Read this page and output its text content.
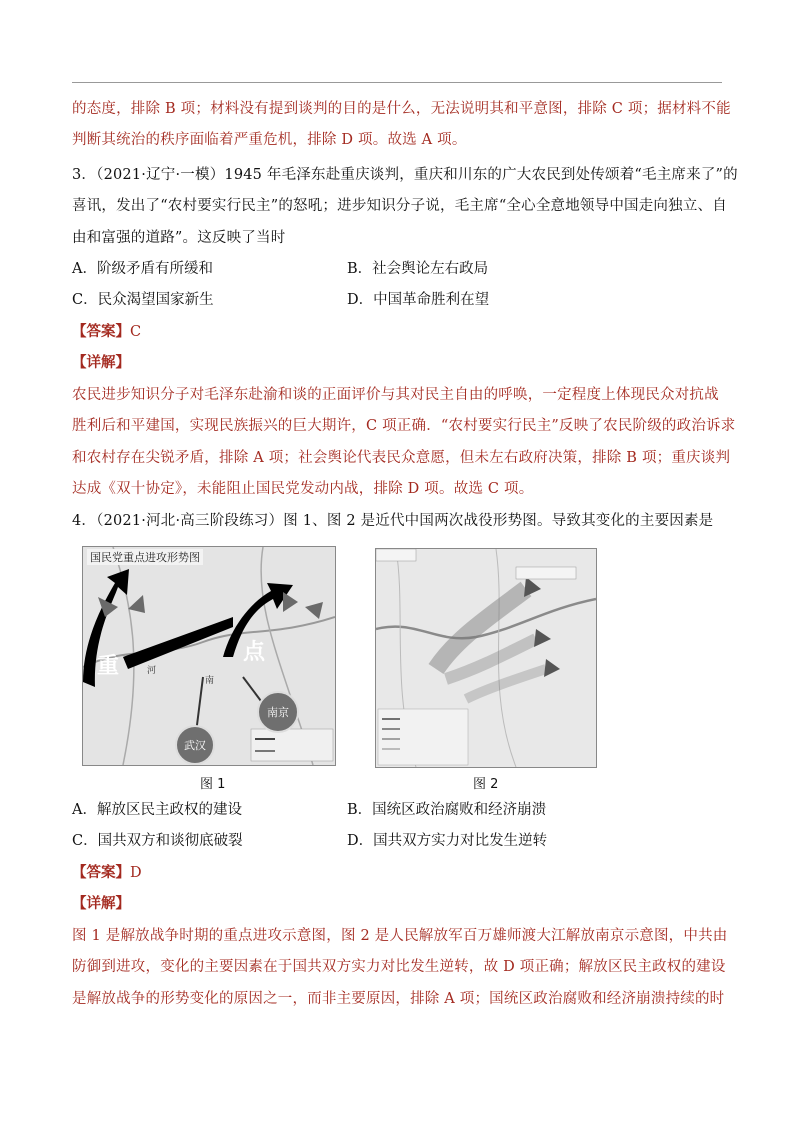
的态度，排除 B 项；材料没有提到谈判的目的是什么，无法说明其和平意图，排除 C 项；据材料不能
判断其统治的秩序面临着严重危机，排除 D 项。故选 A 项。
3．（2021·辽宁·一模）1945 年毛泽东赴重庆谈判，重庆和川东的广大农民到处传颂着“毛主席来了”的
喜讯，发出了“农村要实行民主”的怒吼；进步知识分子说，毛主席“全心全意地领导中国走向独立、自
由和富强的道路”。这反映了当时
A．阶级矛盾有所缓和	B．社会舆论左右政局
C．民众渴望国家新生	D．中国革命胜利在望
【答案】C
【详解】
农民进步知识分子对毛泽东赴渝和谈的正面评价与其对民主自由的呼唤，一定程度上体现民众对抗战
胜利后和平建国，实现民族振兴的巨大期许，C 项正确．“农村要实行民主”反映了农民阶级的政治诉求
和农村存在尖锐矛盾，排除 A 项；社会舆论代表民众意愿，但未左右政府决策，排除 B 项；重庆谈判
达成《双十协定》，未能阻止国民党发动内战，排除 D 项。故选 C 项。
4．（2021·河北·高三阶段练习）图 1、图 2 是近代中国两次战役形势图。导致其变化的主要因素是
国民党重点进攻形势图
重
点
河
南
南京
武汉
图 1	图 2
A．解放区民主政权的建设	B．国统区政治腐败和经济崩溃
C．国共双方和谈彻底破裂	D．国共双方实力对比发生逆转
【答案】D
【详解】
图 1 是解放战争时期的重点进攻示意图，图 2 是人民解放军百万雄师渡大江解放南京示意图，中共由
防御到进攻，变化的主要因素在于国共双方实力对比发生逆转，故 D 项正确；解放区民主政权的建设
是解放战争的形势变化的原因之一，而非主要原因，排除 A 项；国统区政治腐败和经济崩溃持续的时
